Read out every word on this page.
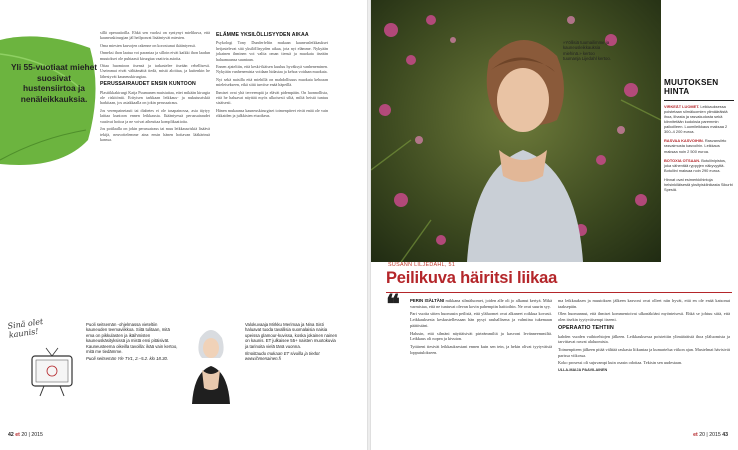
Yli 55-vuotiaat miehet suosivat hustensiirtoa ja nenäleikkauksia.

sillä operaatioilla. Ehkä sen vuoksi on syntynyt mielikuva, että kauneuskirurgian jäl heilpoavat lisääntyvät miesten.

Oma miesten kasvojen rakenne on korostunut ikääntyessä.

Onneksi ihon laatua voi parantaa ja silloin eivät kaikki ihon laadun muutokset ole puhtaasti kirurgiaa vaativia asioita.

Ottaa huomioon itsensä ja tarkastelee itseään rehellisesti. Useimmat eivät välttämättä tiedä, mistä aloittaa, ja kuitenkin he lähestyvät kauneuskirurgiaa.

PERUSSAIRAUDET ENSIN KUNTOON

Plastiikkakirurgi Katja Puumanen muistuttaa, ettei mikään kirurgia ole riskitöntä. Erityisen tarkkaan leikkaus- ja nukutusriskiä harkitaan, jos asiakkaalla on jokin perussairaus.

Jos verenpainetauti tai diabetes ei ole tasapainossa, asia täytyy laittaa kuntoon ennen leikkausta. Ikääntyessä perussairaudet vaativat hoitoa ja ne voivat aiheuttaa komplikaatioita.

Jos potilaalla on jokin perussairaus tai muu leikkausriskiä lisäävä tekijä, neuvottelemme aina ensin hänen hoitavan lääkärinsä kanssa.

ELÄMME YKSILÖLLISYYDEN AIKAA

Psykologi Tony Dunderfeltin mukaan kauneusleikkaukset heijastelevat sitä yksilöllisyyden aikaa, jota nyt elämme. Nykyään jokainen ihminen voi valita oman tiensä ja muokata itseään haluamaansa suuntaan.

Ennen ajateltiin, että keski-ikäisen kuuluu hyväksyä vanheneminen. Nykyään vanhenemista voidaan hidastaa ja kehoa voidaan muokata.

Nyt sekä naisilla että miehillä on mahdollisuus muokata kehoaan mieleisekseen, eikä siitä tarvitse enää häpeillä.

Ihmiset ovat yhä terveempiä ja elävät pidempään. On luonnollista, että he haluavat näyttää myös ulkoisesti siltä, miltä heistä tuntuu sisäisesti.

Hänen mukaansa kauneuskirurgiset toimenpiteet eivät enää ole vain rikkaiden ja julkkisten etuoikeus.

Sinä olet kaunis!

Puoli seitsemän -ohjelmassa vieteltiin kauneuden teemaviikkoa. Siitä tulitaan, mitä ema on pikkulasten ja ikäihmisten kauneuskäsityksissä ja mistä ensi pitäisivät. Kauneusteema oikeilla tavoilla: ikää vain kertoo, mitä me tiedämme.

Puoli seitsemän Yle TV1, 2.–5.2. klo 18.30.

Valokuvaaja Mirkku Merimaa ja Nina Sisti haluavat tuoda tavallisia suomalaisia naisia upeissa glamour-kuvissa, koska jokainen nainen on kaunis. ET julkaisee 55+ naisten muotokuvia ja tarinoita vielä tänä vuonna.

Ilmoittaudu mukaan ET sivuilla ja tiedot www.ihmenainen.fi

42 et 20 | 2015
»Yöllisiä tuumailimme ja kauneusleikkauksia miehinä.» kertoo tuumanja Lijedahl kertoo.
MUUTOKSEN HINTA

VIRKEÄT LUOMET. Leikkauksessa poistetaan silmäluomien ylimääräistä ihoa, lihasta ja rasvakudosta sekä kiinnitetään kudoksia paremmin paikoilleen. Luomileikkaus maksaa 2 300–4 200 euroa.

RASVAA KASVOIHIN. Rasvansiirto rasvaimusta kasvoihin. Leikkaus maksaa noin 2 500 euroa.

BOTOXIA OTSAAN. Botuliinipistos, joka vähentää ryppyjen näkyvyyttä. Botuliini maksaa noin 290 euroa.

Hinnat ovat esimerkkihintoja helsinkiläisestä yksityisklinikasta Sikurbi Spesiä.

SUSANN LILJEDAHL, 51
Peilikuva häiritsi liikaa
❝ PERIN ISÄLTÄNI mikkana silmäluomet, joiden alle oli jo alkanut kertyä. Mikä varmistaa, että ne tuntuvat olevan kovin pahempiin haittoihin. Ne ovat suurin syy.

Pari vuotta sitten huomasin peilistä, että yläluomet ovat alkaneet roikkua kovasti. Leikkauksesta keskustellessaan hän pysyi rauhallisena ja valmiina tukemaan päätöstäni.

Halusin, että silmäni näyttäisivät pirteämmiltä ja kasvoni levänneemmiltä. Leikkaus oli nopea ja kivuton.

Tyttäreni tiesivät leikkauksestani ennen kuin sen tein, ja hekin olivat tyytyväisiä lopputulokseen.

ma leikkauksen ja muutoksen jälkeen kasvoni ovat olleet niin hyvät, että en ole enää katsonut taaksepäin.

Olen huomannut, että ihmiset kommentoivat ulkonäköäni myönteisesti. Ehkä se johtuu siitä, että olen itsekin tyytyväisempi itseeni.

OPERAATIO TEHTIIN

kahden vuoden vaihtoehtojen jälkeen. Leikkauksessa poistettiin ylimääräistä ihoa yläluomista ja tarvittavat rasvat alaluomista.

Toimenpiteen jälkeen pitää välttää raskasta liikuntaa ja kumartelua viikon ajan. Mustelmat hävisivät parissa viikossa.

Koko prosessi oli sujuvampi kuin osasin odottaa. Tekisin sen uudestaan.

ULLA-MAIJA PAAVILAINEN

et 20 | 2015 43
